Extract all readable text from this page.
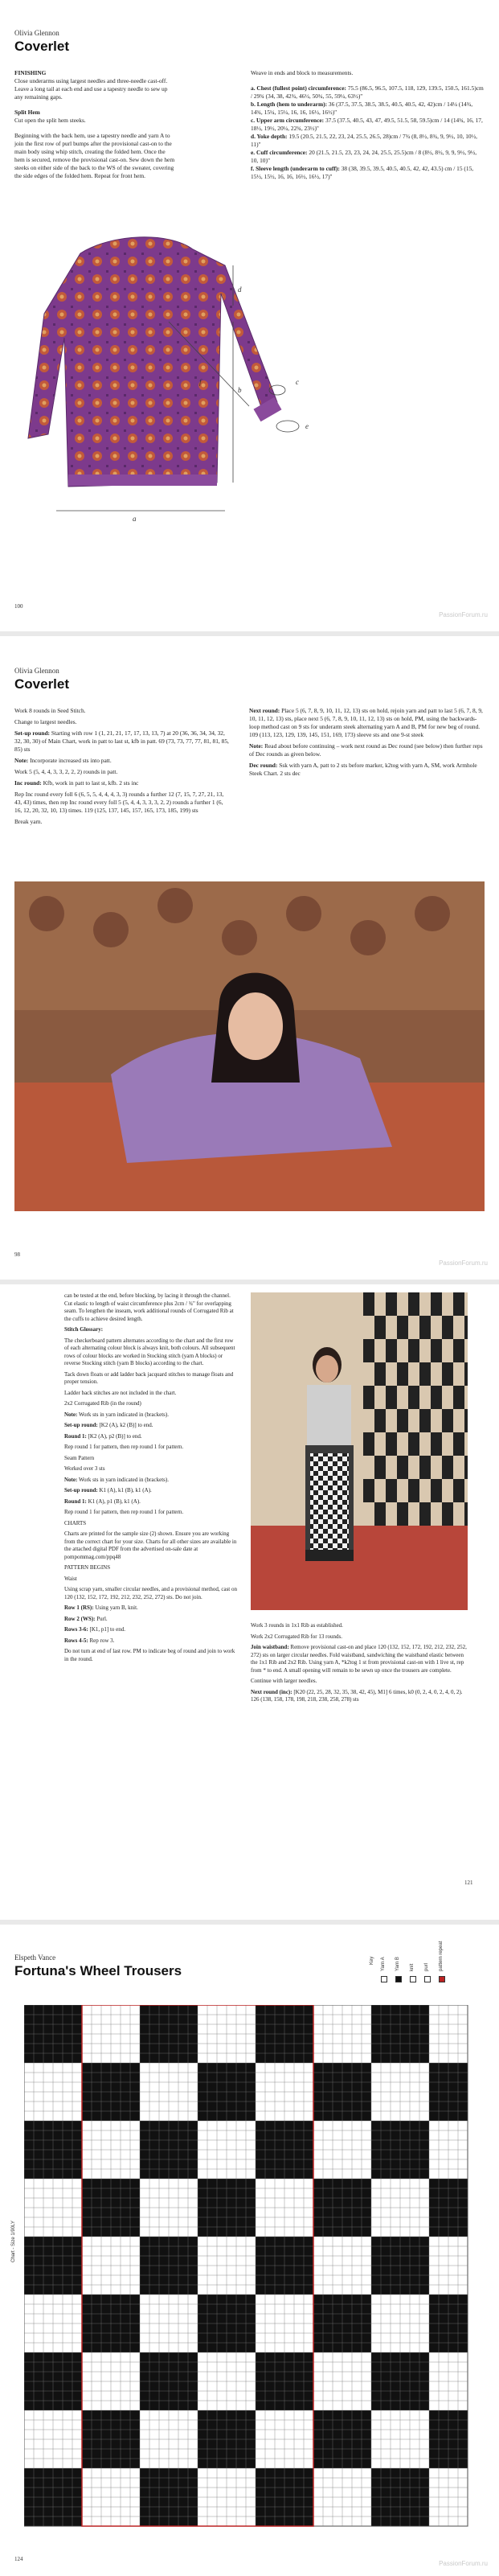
Olivia Glennon
Coverlet

FINISHING
Close underarms using largest needles and three-needle cast-off. Leave a long tail at each end and use a tapestry needle to sew up any remaining gaps.

Split Hem
Cut open the split hem steeks.

Beginning with the back hem, use a tapestry needle and yarn A to join the first row of purl bumps after the provisional cast-on to the main body using whip stitch, creating the folded hem. Once the hem is secured, remove the provisional cast-on. Sew down the hem steeks on either side of the back to the WS of the sweater, covering the side edges of the folded hem. Repeat for front hem.

Weave in ends and block to measurements.

a. Chest (fullest point) circumference: 75.5 (86.5, 96.5, 107.5, 118, 129, 139.5, 150.5, 161.5)cm / 29¾ (34, 38, 42¾, 46½, 50¾, 55, 59¼, 63½)"

b. Length (hem to underarm): 36 (37.5, 37.5, 38.5, 38.5, 40.5, 40.5, 42, 42)cm / 14¼ (14¾, 14¾, 15¼, 15¼, 16, 16, 16½, 16½)"

c. Upper arm circumference: 37.5 (37.5, 40.5, 43, 47, 49.5, 51.5, 58, 59.5)cm / 14 (14¾, 16, 17, 18½, 19½, 20¼, 22¾, 23½)"

d. Yoke depth: 19.5 (20.5, 21.5, 22, 23, 24, 25.5, 26.5, 28)cm / 7¾ (8, 8½, 8¾, 9, 9½, 10, 10½, 11)"

e. Cuff circumference: 20 (21.5, 21.5, 23, 23, 24, 24, 25.5, 25.5)cm / 8 (8½, 8½, 9, 9, 9½, 9½, 10, 10)"

f. Sleeve length (underarm to cuff): 38 (38, 39.5, 39.5, 40.5, 40.5, 42, 42, 43.5) cm / 15 (15, 15½, 15½, 16, 16, 16½, 16½, 17)"

a
b
c
d
e
f
100
PassionForum.ru
Olivia Glennon
Coverlet

Work 8 rounds in Seed Stitch.

Change to largest needles.

Set-up round: Starting with row 1 (1, 21, 21, 17, 17, 13, 13, 7) at 20 (36, 36, 34, 34, 32, 32, 30, 30) of Main Chart, work in patt to last st, kfb in patt. 69 (73, 73, 77, 77, 81, 81, 85, 85) sts

Note: Incorporate increased sts into patt.

Work 5 (5, 4, 4, 3, 3, 2, 2, 2) rounds in patt.

Inc round: Kfb, work in patt to last st, kfb. 2 sts inc

Rep Inc round every foll 6 (6, 5, 5, 4, 4, 4, 3, 3) rounds a further 12 (7, 15, 7, 27, 21, 13, 43, 43) times, then rep Inc round every foll 5 (5, 4, 4, 3, 3, 3, 2, 2) rounds a further 1 (6, 16, 12, 20, 32, 10, 13) times. 119 (125, 137, 145, 157, 165, 173, 185, 199) sts

Break yarn.

Next round: Place 5 (6, 7, 8, 9, 10, 11, 12, 13) sts on hold, rejoin yarn and patt to last 5 (6, 7, 8, 9, 10, 11, 12, 13) sts, place next 5 (6, 7, 8, 9, 10, 11, 12, 13) sts on hold, PM, using the backwards-loop method cast on 9 sts for underarm steek alternating yarn A and B, PM for new beg of round. 109 (113, 123, 129, 139, 145, 151, 169, 173) sleeve sts and one 9-st steek

Note: Read about before continuing – work next round as Dec round (see below) then further reps of Dec rounds as given below.

Dec round: Ssk with yarn A, patt to 2 sts before marker, k2tog with yarn A, SM, work Armhole Steek Chart. 2 sts dec

98
PassionForum.ru

can be tested at the end, before blocking, by lacing it through the channel. Cut elastic to length of waist circumference plus 2cm / ¾" for overlapping seam. To lengthen the inseam, work additional rounds of Corrugated Rib at the cuffs to achieve desired length.

Stitch Glossary:

The checkerboard pattern alternates according to the chart and the first row of each alternating colour block is always knit, both colours. All subsequent rows of colour blocks are worked in Stocking stitch (yarn A blocks) or reverse Stocking stitch (yarn B blocks) according to the chart.

Tack down floats or add ladder back jacquard stitches to manage floats and proper tension.

Ladder back stitches are not included in the chart.

2x2 Corrugated Rib (in the round)

Note: Work sts in yarn indicated in (brackets).

Set-up round: [K2 (A), k2 (B)] to end.

Round 1: [K2 (A), p2 (B)] to end.

Rep round 1 for pattern, then rep round 1 for pattern.

Seam Pattern

Worked over 3 sts

Note: Work sts in yarn indicated in (brackets).

Set-up round: K1 (A), k1 (B), k1 (A).

Round 1: K1 (A), p1 (B), k1 (A).

Rep round 1 for pattern, then rep round 1 for pattern.

CHARTS

Charts are printed for the sample size (2) shown. Ensure you are working from the correct chart for your size. Charts for all other sizes are available in the attached digital PDF from the advertised on-sale date at pompommag.com/ppq48

PATTERN BEGINS

Waist

Using scrap yarn, smaller circular needles, and a provisional method, cast on 120 (132, 152, 172, 192, 212, 232, 252, 272) sts. Do not join.

Row 1 (RS): Using yarn B, knit.

Row 2 (WS): Purl.

Rows 3-6: [K1, p1] to end.

Rows 4-5: Rep row 3.

Do not turn at end of last row. PM to indicate beg of round and join to work in the round.

Work 3 rounds in 1x1 Rib as established.

Work 2x2 Corrugated Rib for 13 rounds.

Join waistband: Remove provisional cast-on and place 120 (132, 152, 172, 192, 212, 232, 252, 272) sts on larger circular needles. Fold waistband, sandwiching the waistband elastic between the 1x1 Rib and 2x2 Rib. Using yarn A, *k2tog 1 st from provisional cast-on with 1 live st, rep from * to end. A small opening will remain to be sewn up once the trousers are complete.

Continue with larger needles.

Next round (inc): [K20 (22, 25, 28, 32, 35, 38, 42, 45), M1] 6 times, k0 (0, 2, 4, 0, 2, 4, 0, 2). 126 (138, 158, 178, 198, 218, 238, 258, 278) sts

121
Elspeth Vance
Fortuna's Wheel Trousers
Key Yarn A Yarn B knit purl pattern repeat
Chart - Size 1/90LY
124
PassionForum.ru
